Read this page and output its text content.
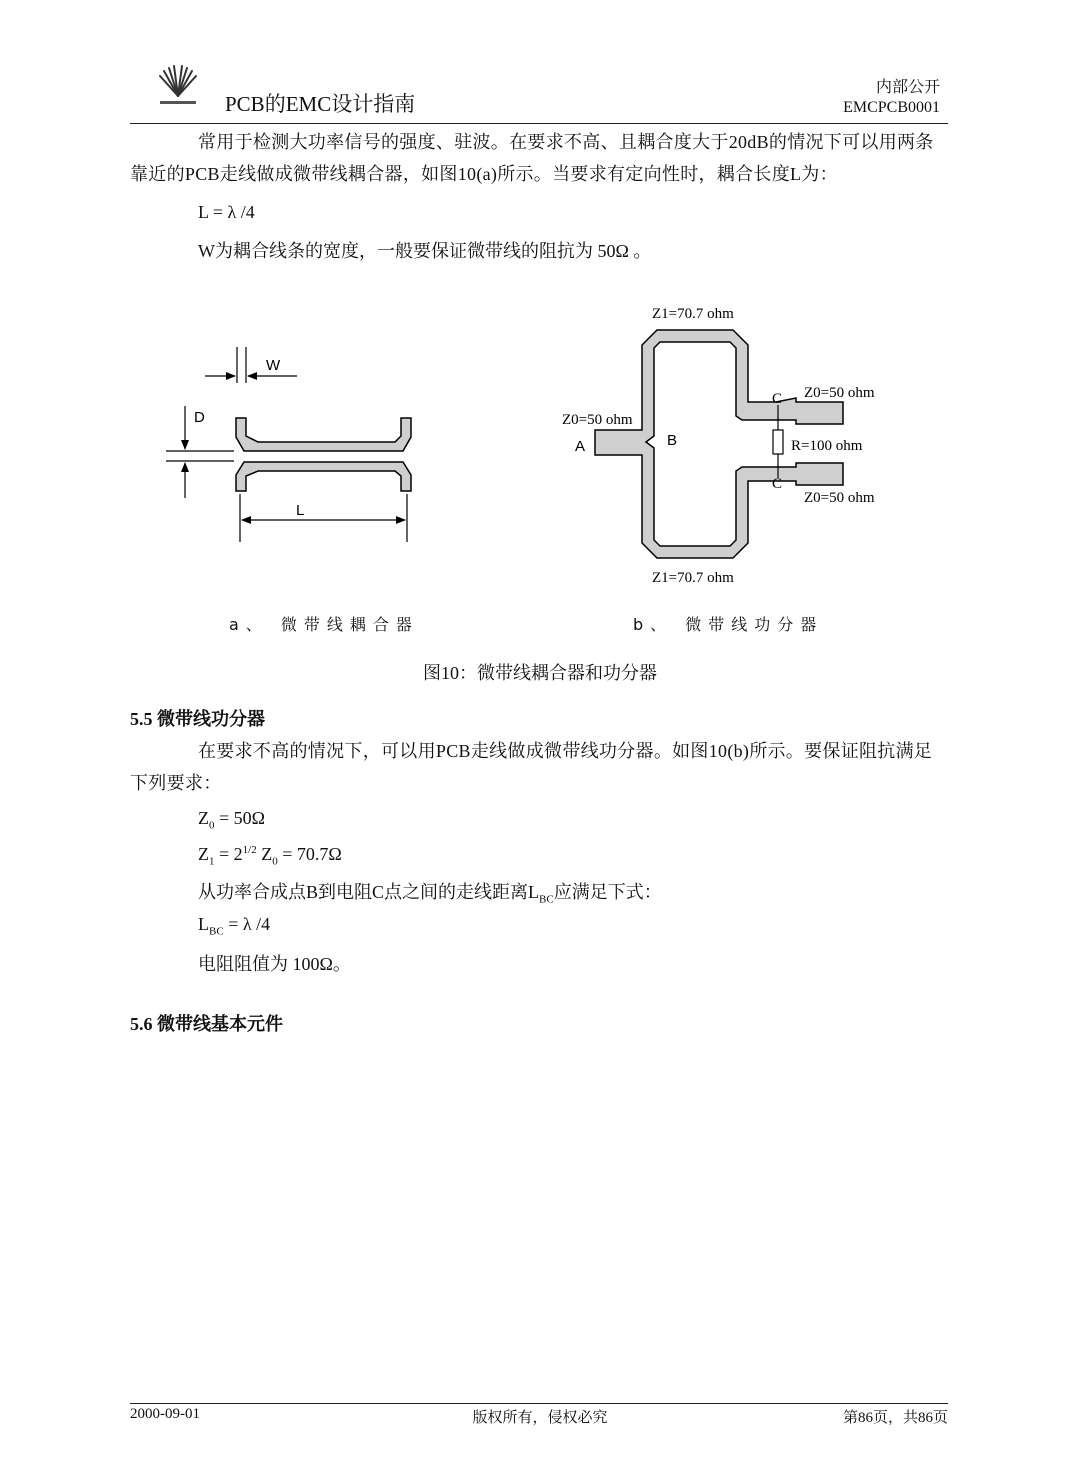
PCB的EMC设计指南
内部公开
EMCPCB0001
常用于检测大功率信号的强度、驻波。在要求不高、且耦合度大于20dB的情况下可以用两条靠近的PCB走线做成微带线耦合器，如图10(a)所示。当要求有定向性时，耦合长度L为：
L = λ /4
W为耦合线条的宽度，一般要保证微带线的阻抗为 50Ω 。
W
D
L
Z1=70.7 ohm
Z1=70.7 ohm
Z0=50 ohm
Z0=50 ohm
Z0=50 ohm
R=100 ohm
A	B
C
C
a、 微带线耦合器	b、 微带线功分器
图10：微带线耦合器和功分器
5.5 微带线功分器
在要求不高的情况下，可以用PCB走线做成微带线功分器。如图10(b)所示。要保证阻抗满足下列要求：
$Z_0 = 50\Omega$
$Z_1 = 2^{1/2}$ $Z_0 = 70.7\Omega$
从功率合成点B到电阻C点之间的走线距离$L_{BC}$应满足下式：
$L_{BC} = \lambda$ /4
电阻阻值为 100Ω。
5.6 微带线基本元件
2000-09-01	版权所有，侵权必究	第86页，共86页
